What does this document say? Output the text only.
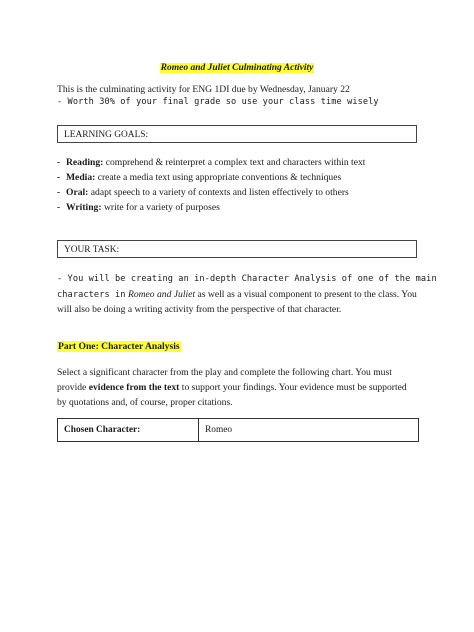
Romeo and Juliet Culminating Activity
This is the culminating activity for ENG 1DI due by Wednesday, January 22
- Worth 30% of your final grade so use your class time wisely
LEARNING GOALS:
- Reading: comprehend & reinterpret a complex text and characters within text
- Media: create a media text using appropriate conventions & techniques
- Oral: adapt speech to a variety of contexts and listen effectively to others
- Writing: write for a variety of purposes
YOUR TASK:
- You will be creating an in-depth Character Analysis of one of the main
characters in Romeo and Juliet as well as a visual component to present to the class. You
will also be doing a writing activity from the perspective of that character.
Part One: Character Analysis
Select a significant character from the play and complete the following chart. You must
provide evidence from the text to support your findings. Your evidence must be supported
by quotations and, of course, proper citations.
Chosen Character:	Romeo
